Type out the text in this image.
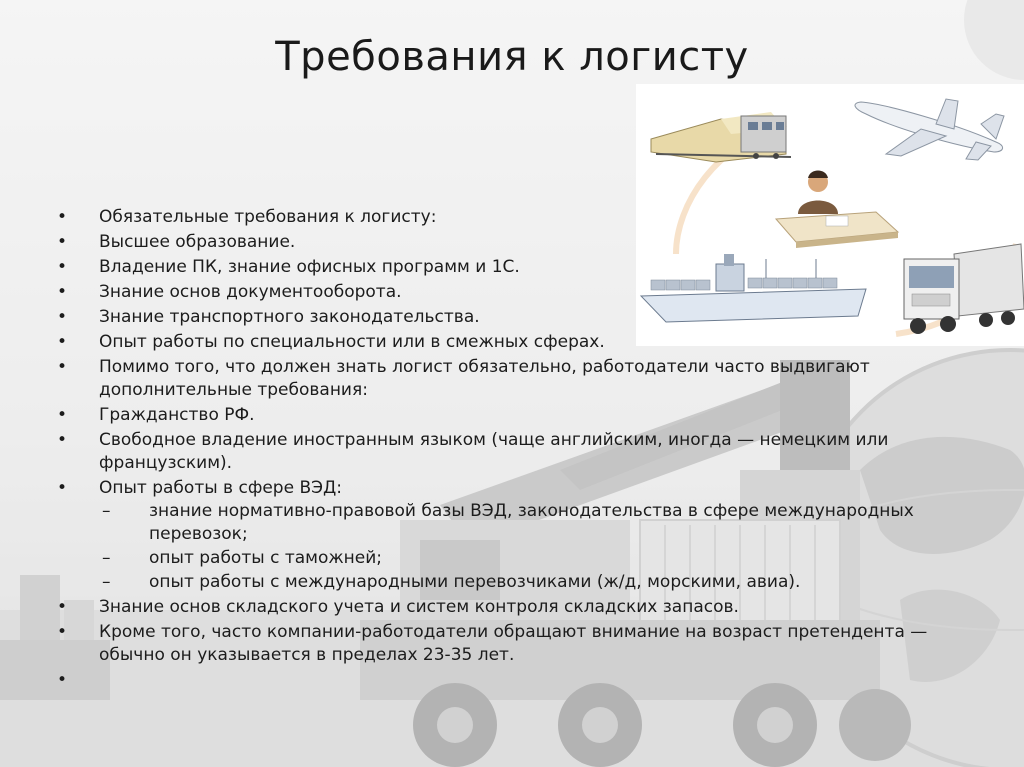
Требования к логисту
• Обязательные требования к логисту:
• Высшее образование.
• Владение ПК, знание офисных программ и 1С.
• Знание основ документооборота.
• Знание транспортного законодательства.
• Опыт работы по специальности или в смежных сферах.
• Помимо того, что должен знать логист обязательно, работодатели часто выдвигают дополнительные требования:
• Гражданство РФ.
• Свободное владение иностранным языком (чаще английским, иногда — немецким или французским).
• Опыт работы в сфере ВЭД:
– знание нормативно-правовой базы ВЭД, законодательства в сфере международных перевозок;
– опыт работы с таможней;
– опыт работы с международными перевозчиками (ж/д, морскими, авиа).
• Знание основ складского учета и систем контроля складских запасов.
• Кроме того, часто компании-работодатели обращают внимание на возраст претендента — обычно он указывается в пределах 23-35 лет.
•
